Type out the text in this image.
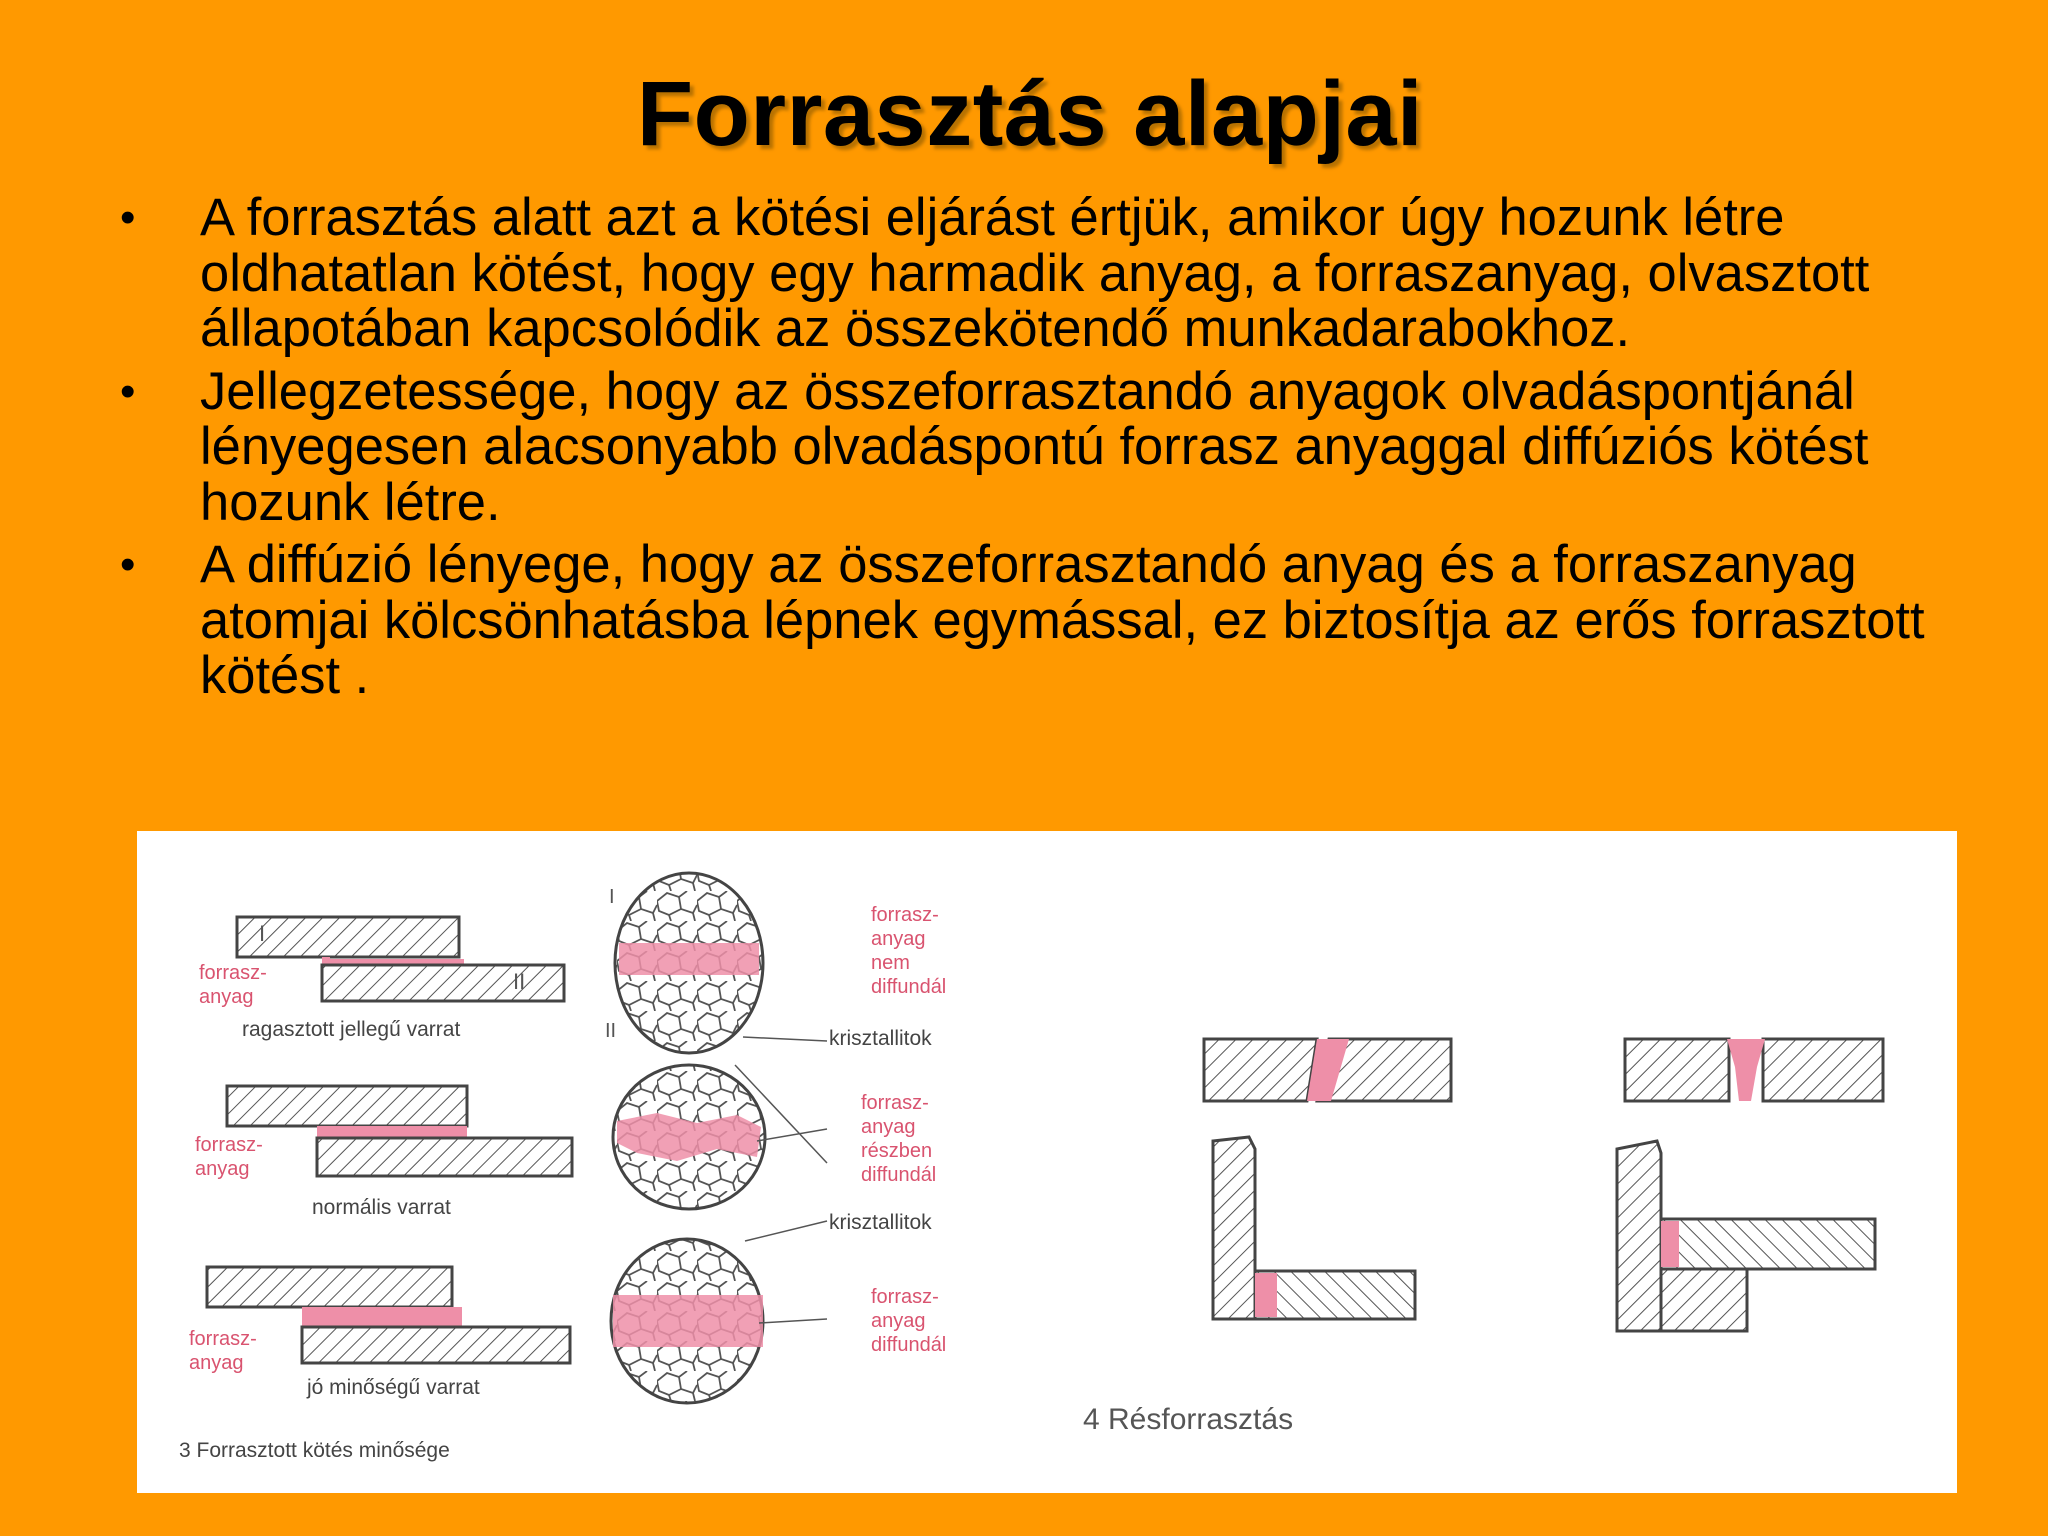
Forrasztás alapjai
• A forrasztás alatt azt a kötési eljárást értjük, amikor úgy hozunk létre oldhatatlan kötést, hogy egy harmadik anyag, a forraszanyag, olvasztott állapotában kapcsolódik az összekötendő munkadarabokhoz.
• Jellegzetessége, hogy az összeforrasztandó anyagok olvadáspontjánál lényegesen alacsonyabb olvadáspontú forrasz anyaggal diffúziós kötést hozunk létre.
• A diffúzió lényege, hogy az összeforrasztandó anyag és a forraszanyag atomjai kölcsönhatásba lépnek egymással, ez biztosítja az erős forrasztott kötést .
I
II
forrasz-
anyag
ragasztott jellegű varrat	II
forrasz-
anyag
normális varrat
forrasz-
anyag
jó minőségű varrat
3 Forrasztott kötés minősége
I
forrasz-
anyag
nem
diffundál
krisztallitok
forrasz-
anyag
részben
diffundál
krisztallitok
forrasz-
anyag
diffundál
4 Résforrasztás
